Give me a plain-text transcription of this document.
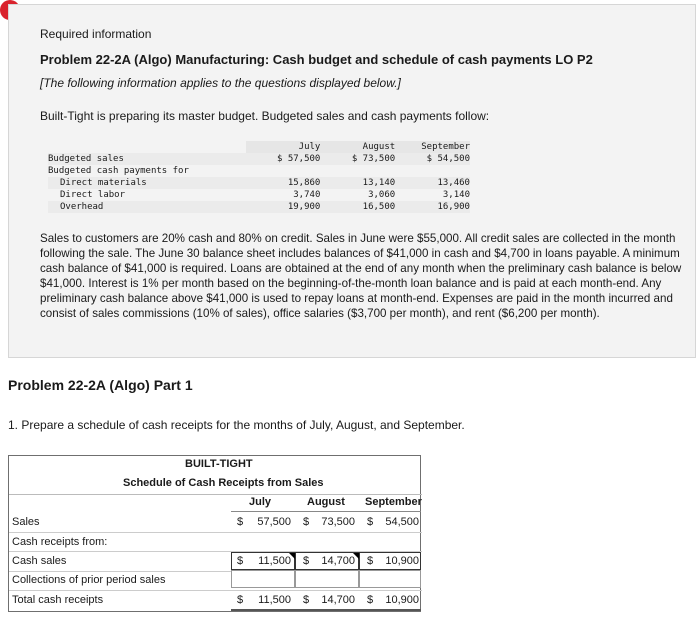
Required information
Problem 22-2A (Algo) Manufacturing: Cash budget and schedule of cash payments LO P2
[The following information applies to the questions displayed below.]
Built-Tight is preparing its master budget. Budgeted sales and cash payments follow:
July	August	September
Budgeted sales	$ 57,500	$ 73,500	$ 54,500
Budgeted cash payments for
Direct materials	15,860	13,140	13,460
Direct labor	3,740	3,060	3,140
Overhead	19,900	16,500	16,900
Sales to customers are 20% cash and 80% on credit. Sales in June were $55,000. All credit sales are collected in the month following the sale. The June 30 balance sheet includes balances of $41,000 in cash and $4,700 in loans payable. A minimum cash balance of $41,000 is required. Loans are obtained at the end of any month when the preliminary cash balance is below $41,000. Interest is 1% per month based on the beginning-of-the-month loan balance and is paid at each month-end. Any preliminary cash balance above $41,000 is used to repay loans at month-end. Expenses are paid in the month incurred and consist of sales commissions (10% of sales), office salaries ($3,700 per month), and rent ($6,200 per month).
Problem 22-2A (Algo) Part 1
1. Prepare a schedule of cash receipts for the months of July, August, and September.
BUILT-TIGHT
Schedule of Cash Receipts from Sales
July	August September
Sales	$	57,500 $ 73,500 $	54,500
Cash receipts from:
Cash sales	$	11,500 $ 14,700 $	10,900
Collections of prior period sales
Total cash receipts	$	11,500 $ 14,700 $	10,900
